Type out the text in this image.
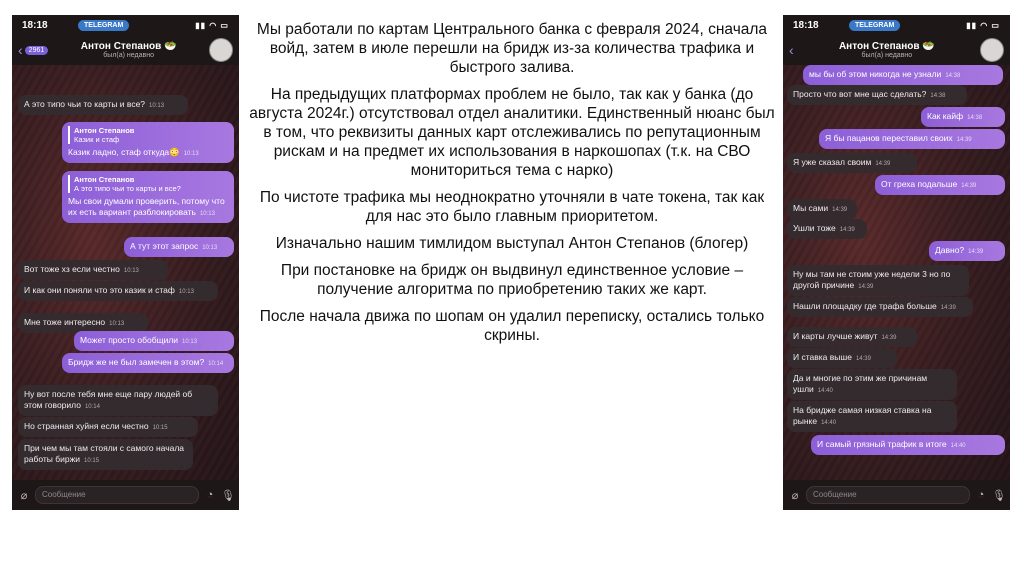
18:18	TELEGRAM	▮▮ ◠ ▭
‹ 2961	Антон Степанов 🥗
был(а) недавно
А это типо чьи то карты и все? 10:13
Антон Степанов
Казик и стаф
Казик ладно, стаф откуда😳 10:13
Антон Степанов
А это типо чьи то карты и все?
Мы свои думали проверить, потому что их есть вариант разблокировать 10:13
А тут этот запрос 10:13
Вот тоже хз если честно 10:13
И как они поняли что это казик и стаф 10:13
Мне тоже интересно 10:13
Может просто обобщили 10:13
Бридж же не был замечен в этом? 10:14
Ну вот после тебя мне еще пару людей об этом говорило 10:14
Но странная хуйня если честно 10:15
При чем мы там стояли с самого начала работы биржи 10:15
⌀	Сообщение	◔ 🎙

Мы работали по картам Центрального банка с февраля 2024, сначала войд, затем в июле перешли на бридж из-за количества трафика и быстрого залива.

На предыдущих платформах проблем не было, так как у банка (до августа 2024г.) отсутствовал отдел аналитики. Единственный нюанс был в том, что реквизиты данных карт отслеживались по репутационным рискам и на предмет их использования в наркошопах (т.к. на СВО мониториться тема с нарко)

По чистоте трафика мы неоднократно уточняли в чате токена, так как для нас это было главным приоритетом.

Изначально нашим тимлидом выступал Антон Степанов (блогер)

При постановке на бридж он выдвинул единственное условие – получение алгоритма по приобретению таких же карт.

После начала движа по шопам он удалил переписку, остались только скрины.

18:18	TELEGRAM	▮▮ ◠ ▭
‹	Антон Степанов 🥗
был(а) недавно
мы бы об этом никогда не узнали 14:38
Просто что вот мне щас сделать? 14:38
Как кайф 14:38
Я бы пацанов переставил своих 14:39
Я уже сказал своим 14:39
От греха подальше 14:39
Мы сами 14:39
Ушли тоже 14:39
Давно? 14:39
Ну мы там не стоим уже недели 3 но по другой причине 14:39
Нашли площадку где трафа больше 14:39
И карты лучше живут 14:39
И ставка выше 14:39
Да и многие по этим же причинам ушли 14:40
На бридже самая низкая ставка на рынке 14:40
И самый грязный трафик в итоге 14:40
⌀	Сообщение	◔ 🎙
